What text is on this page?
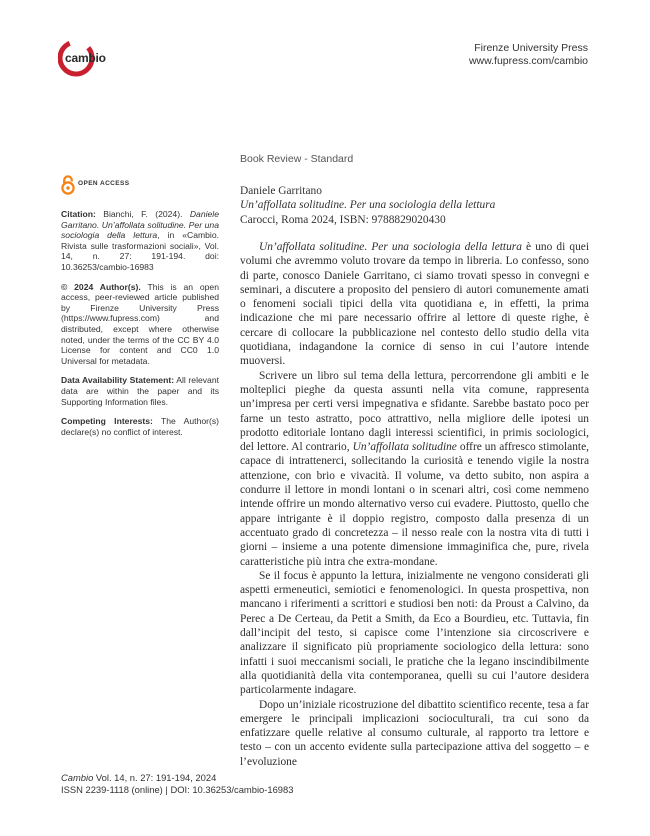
cambio
Firenze University Press
www.fupress.com/cambio
Book Review - Standard
OPEN ACCESS
Citation: Bianchi, F. (2024). Daniele Garritano. Un’affollata solitudine. Per una sociologia della lettura, in «Cambio. Rivista sulle trasformazioni sociali», Vol. 14, n. 27: 191-194. doi: 10.36253/cambio-16983
© 2024 Author(s). This is an open access, peer-reviewed article published by Firenze University Press (https://www.fupress.com) and distributed, except where otherwise noted, under the terms of the CC BY 4.0 License for content and CC0 1.0 Universal for metadata.
Data Availability Statement: All relevant data are within the paper and its Supporting Information files.
Competing Interests: The Author(s) declare(s) no conflict of interest.
Daniele Garritano
Un’affollata solitudine. Per una sociologia della lettura
Carocci, Roma 2024, ISBN: 9788829020430

Un’affollata solitudine. Per una sociologia della lettura è uno di quei volumi che avremmo voluto trovare da tempo in libreria. Lo confesso, sono di parte, conosco Daniele Garritano, ci siamo trovati spesso in convegni e seminari, a discutere a proposito del pensiero di autori comunemente amati o fenomeni sociali tipici della vita quotidiana e, in effetti, la prima indicazione che mi pare necessario offrire al lettore di queste righe, è cercare di collocare la pubblicazione nel contesto dello studio della vita quotidiana, indagandone la cornice di senso in cui l’autore intende muoversi.

Scrivere un libro sul tema della lettura, percorrendone gli ambiti e le molteplici pieghe da questa assunti nella vita comune, rappresenta un’impresa per certi versi impegnativa e sfidante. Sarebbe bastato poco per farne un testo astratto, poco attrattivo, nella migliore delle ipotesi un prodotto editoriale lontano dagli interessi scientifici, in primis sociologici, del lettore. Al contrario, Un’affollata solitudine offre un affresco stimolante, capace di intrattenerci, sollecitando la curiosità e tenendo vigile la nostra attenzione, con brio e vivacità. Il volume, va detto subito, non aspira a condurre il lettore in mondi lontani o in scenari altri, così come nemmeno intende offrire un mondo alternativo verso cui evadere. Piuttosto, quello che appare intrigante è il doppio registro, composto dalla presenza di un accentuato grado di concretezza – il nesso reale con la nostra vita di tutti i giorni – insieme a una potente dimensione immaginifica che, pure, rivela caratteristiche più intra che extra-mondane.

Se il focus è appunto la lettura, inizialmente ne vengono considerati gli aspetti ermeneutici, semiotici e fenomenologici. In questa prospettiva, non mancano i riferimenti a scrittori e studiosi ben noti: da Proust a Calvino, da Perec a De Certeau, da Petit a Smith, da Eco a Bourdieu, etc. Tuttavia, fin dall’incipit del testo, si capisce come l’intenzione sia circoscrivere e analizzare il significato più propriamente sociologico della lettura: sono infatti i suoi meccanismi sociali, le pratiche che la legano inscindibilmente alla quotidianità della vita contemporanea, quelli su cui l’autore desidera particolarmente indagare.

Dopo un’iniziale ricostruzione del dibattito scientifico recente, tesa a far emergere le principali implicazioni socioculturali, tra cui sono da enfatizzare quelle relative al consumo culturale, al rapporto tra lettore e testo – con un accento evidente sulla partecipazione attiva del soggetto – e l’evoluzione

Cambio Vol. 14, n. 27: 191-194, 2024
ISSN 2239-1118 (online) | DOI: 10.36253/cambio-16983
